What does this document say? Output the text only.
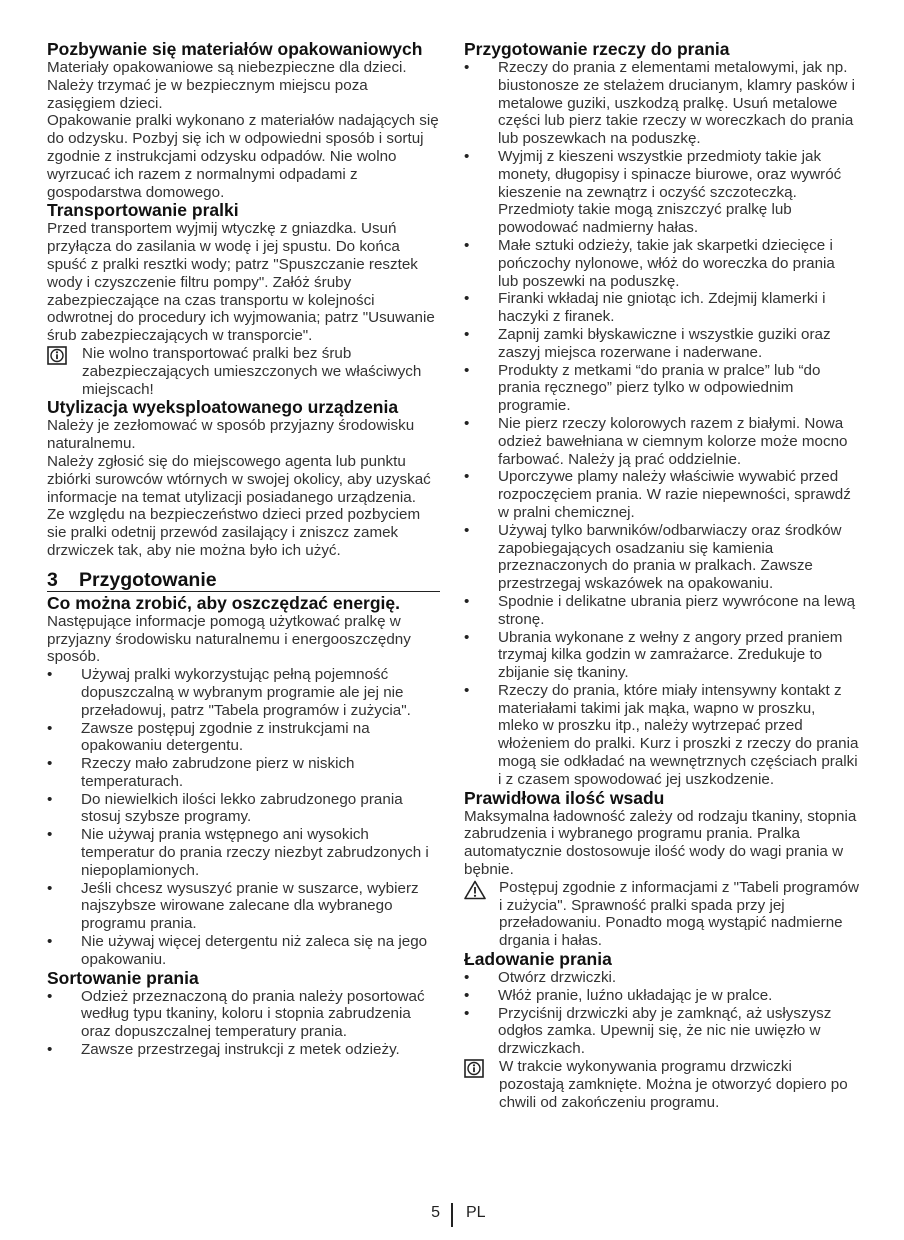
Pozbywanie się materiałów opakowaniowych

Materiały opakowaniowe są niebezpieczne dla dzieci. Należy trzymać je w bezpiecznym miejscu poza zasięgiem dzieci.

Opakowanie pralki wykonano z materiałów nadających się do odzysku. Pozbyj się ich w odpowiedni sposób i sortuj zgodnie z instrukcjami odzysku odpadów. Nie wolno wyrzucać ich razem z normalnymi odpadami z gospodarstwa domowego.

Transportowanie pralki

Przed transportem wyjmij wtyczkę z gniazdka. Usuń przyłącza do zasilania w wodę i jej spustu. Do końca spuść z pralki resztki wody; patrz "Spuszczanie resztek wody i czyszczenie filtru pompy". Załóż śruby zabezpieczające na czas transportu w kolejności odwrotnej do procedury ich wyjmowania; patrz "Usuwanie śrub zabezpieczających w transporcie".

Nie wolno transportować pralki bez śrub zabezpieczających umieszczonych we właściwych miejscach!
Utylizacja wyeksploatowanego urządzenia

Należy je zezłomować w sposób przyjazny środowisku naturalnemu.

Należy zgłosić się do miejscowego agenta lub punktu zbiórki surowców wtórnych w swojej okolicy, aby uzyskać informacje na temat utylizacji posiadanego urządzenia.

Ze względu na bezpieczeństwo dzieci przed pozbyciem sie pralki odetnij przewód zasilający i zniszcz zamek drzwiczek tak, aby nie można było ich użyć.

3 Przygotowanie
Co można zrobić, aby oszczędzać energię.

Następujące informacje pomogą użytkować pralkę w przyjazny środowisku naturalnemu i energooszczędny sposób.

• Używaj pralki wykorzystując pełną pojemność dopuszczalną w wybranym programie ale jej nie przeładowuj, patrz "Tabela programów i zużycia".
• Zawsze postępuj zgodnie z instrukcjami na opakowaniu detergentu.
• Rzeczy mało zabrudzone pierz w niskich temperaturach.
• Do niewielkich ilości lekko zabrudzonego prania stosuj szybsze programy.
• Nie używaj prania wstępnego ani wysokich temperatur do prania rzeczy niezbyt zabrudzonych i niepoplamionych.
• Jeśli chcesz wysuszyć pranie w suszarce, wybierz najszybsze wirowane zalecane dla wybranego programu prania.
• Nie używaj więcej detergentu niż zaleca się na jego opakowaniu.
Sortowanie prania
• Odzież przeznaczoną do prania należy posortować według typu tkaniny, koloru i stopnia zabrudzenia oraz dopuszczalnej temperatury prania.
• Zawsze przestrzegaj instrukcji z metek odzieży.
Przygotowanie rzeczy do prania
• Rzeczy do prania z elementami metalowymi, jak np. biustonosze ze stelażem drucianym, klamry pasków i metalowe guziki, uszkodzą pralkę. Usuń metalowe części lub pierz takie rzeczy w woreczkach do prania lub poszewkach na poduszkę.
• Wyjmij z kieszeni wszystkie przedmioty takie jak monety, długopisy i spinacze biurowe, oraz wywróć kieszenie na zewnątrz i oczyść szczoteczką. Przedmioty takie mogą zniszczyć pralkę lub powodować nadmierny hałas.
• Małe sztuki odzieży, takie jak skarpetki dziecięce i pończochy nylonowe, włóż do woreczka do prania lub poszewki na poduszkę.
• Firanki wkładaj nie gniotąc ich. Zdejmij klamerki i haczyki z firanek.
• Zapnij zamki błyskawiczne i wszystkie guziki oraz zaszyj miejsca rozerwane i naderwane.
• Produkty z metkami “do prania w pralce” lub “do prania ręcznego” pierz tylko w odpowiednim programie.
• Nie pierz rzeczy kolorowych razem z białymi. Nowa odzież bawełniana w ciemnym kolorze może mocno farbować. Należy ją prać oddzielnie.
• Uporczywe plamy należy właściwie wywabić przed rozpoczęciem prania. W razie niepewności, sprawdź w pralni chemicznej.
• Używaj tylko barwników/odbarwiaczy oraz środków zapobiegających osadzaniu się kamienia przeznaczonych do prania w pralkach. Zawsze przestrzegaj wskazówek na opakowaniu.
• Spodnie i delikatne ubrania pierz wywrócone na lewą stronę.
• Ubrania wykonane z wełny z angory przed praniem trzymaj kilka godzin w zamrażarce. Zredukuje to zbijanie się tkaniny.
• Rzeczy do prania, które miały intensywny kontakt z materiałami takimi jak mąka, wapno w proszku, mleko w proszku itp., należy wytrzepać przed włożeniem do pralki. Kurz i proszki z rzeczy do prania mogą sie odkładać na wewnętrznych częściach pralki i z czasem spowodować jej uszkodzenie.
Prawidłowa ilość wsadu

Maksymalna ładowność zależy od rodzaju tkaniny, stopnia zabrudzenia i wybranego programu prania. Pralka automatycznie dostosowuje ilość wody do wagi prania w bębnie.

Postępuj zgodnie z informacjami z "Tabeli programów i zużycia". Sprawność pralki spada przy jej przeładowaniu. Ponadto mogą wystąpić nadmierne drgania i hałas.
Ładowanie prania
• Otwórz drzwiczki.
• Włóż pranie, luźno układając je w pralce.
• Przyciśnij drzwiczki aby je zamknąć, aż usłyszysz odgłos zamka. Upewnij się, że nic nie uwięzło w drzwiczkach.
W trakcie wykonywania programu drzwiczki pozostają zamknięte. Można je otworzyć dopiero po chwili od zakończeniu programu.
5 PL
